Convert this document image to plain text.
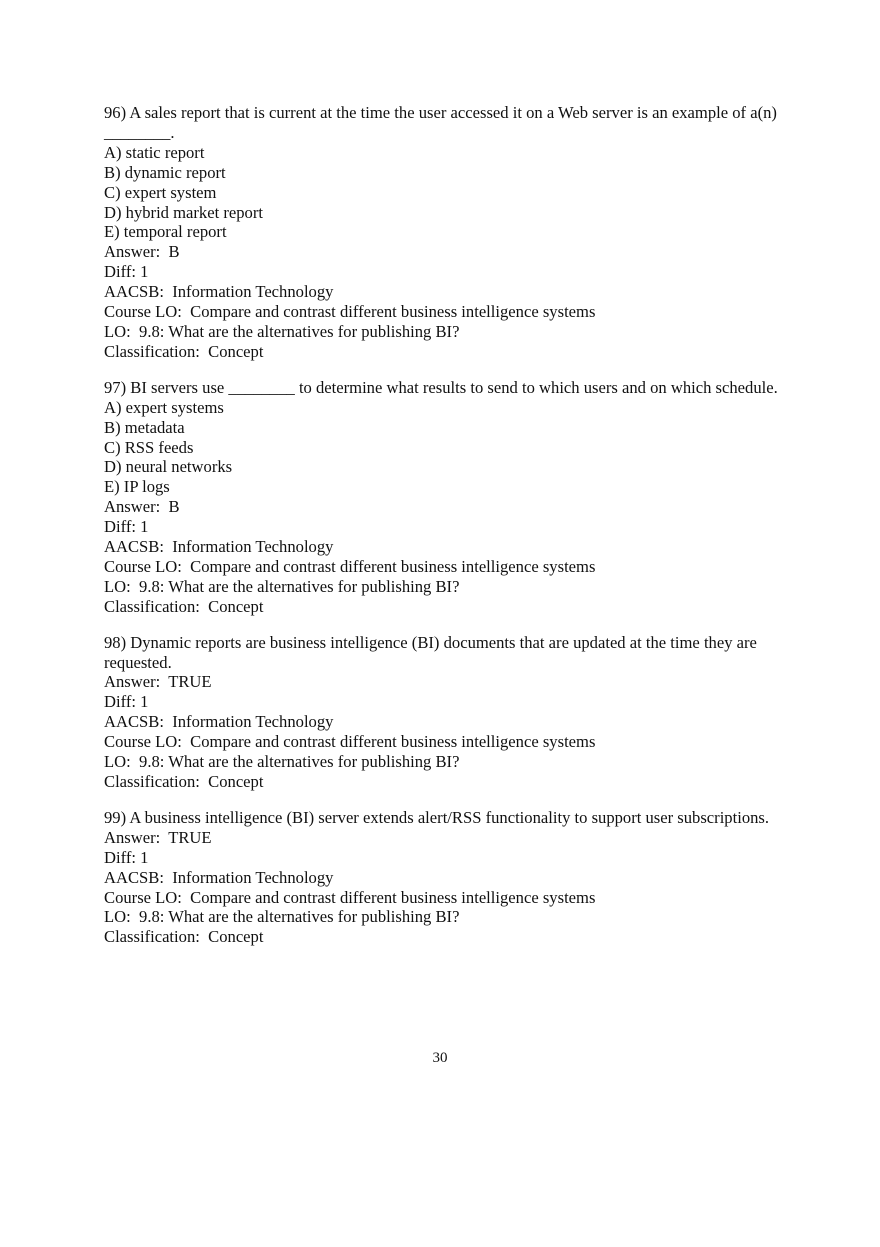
96) A sales report that is current at the time the user accessed it on a Web server is an example of a(n) ________.
A) static report
B) dynamic report
C) expert system
D) hybrid market report
E) temporal report
Answer:  B
Diff: 1
AACSB:  Information Technology
Course LO:  Compare and contrast different business intelligence systems
LO:  9.8: What are the alternatives for publishing BI?
Classification:  Concept
97) BI servers use ________ to determine what results to send to which users and on which schedule.
A) expert systems
B) metadata
C) RSS feeds
D) neural networks
E) IP logs
Answer:  B
Diff: 1
AACSB:  Information Technology
Course LO:  Compare and contrast different business intelligence systems
LO:  9.8: What are the alternatives for publishing BI?
Classification:  Concept
98) Dynamic reports are business intelligence (BI) documents that are updated at the time they are requested.
Answer:  TRUE
Diff: 1
AACSB:  Information Technology
Course LO:  Compare and contrast different business intelligence systems
LO:  9.8: What are the alternatives for publishing BI?
Classification:  Concept
99) A business intelligence (BI) server extends alert/RSS functionality to support user subscriptions.
Answer:  TRUE
Diff: 1
AACSB:  Information Technology
Course LO:  Compare and contrast different business intelligence systems
LO:  9.8: What are the alternatives for publishing BI?
Classification:  Concept
30
